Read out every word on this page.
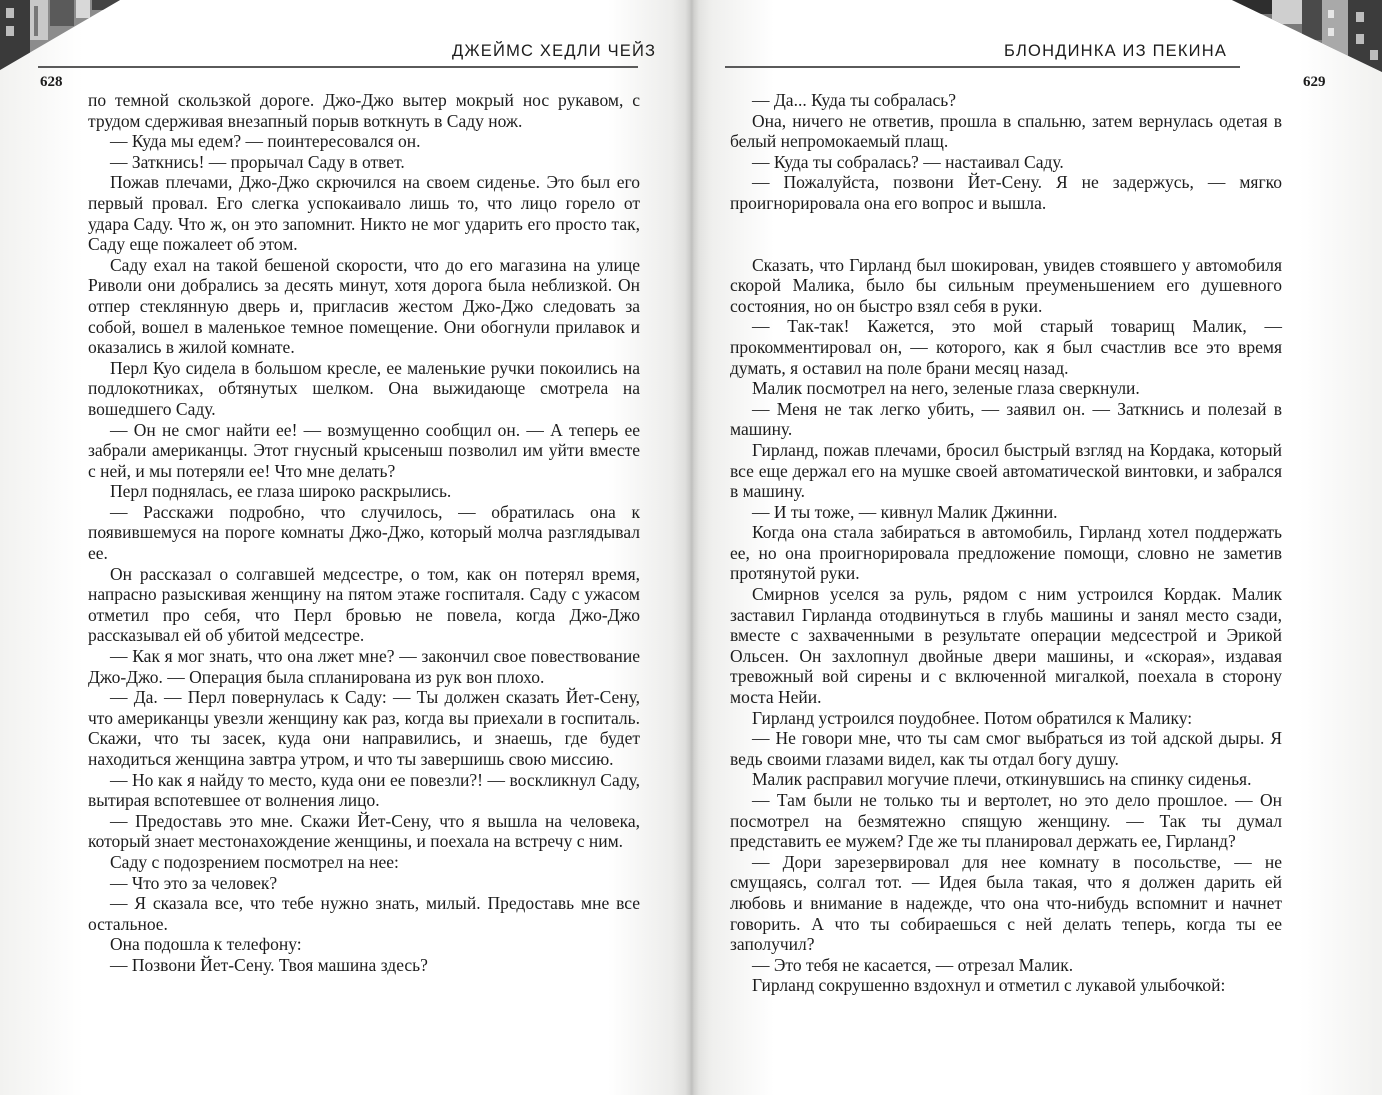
ДЖЕЙМС ХЕДЛИ ЧЕЙЗ	БЛОНДИНКА ИЗ ПЕКИНА
628	629

по темной скользкой дороге. Джо-Джо вытер мокрый нос рукавом, с трудом сдерживая внезапный порыв воткнуть в Саду нож.

— Куда мы едем? — поинтересовался он.

— Заткнись! — прорычал Саду в ответ.

Пожав плечами, Джо-Джо скрючился на своем сиденье. Это был его первый провал. Его слегка успокаивало лишь то, что лицо горело от удара Саду. Что ж, он это запомнит. Никто не мог ударить его просто так, Саду еще пожалеет об этом.

Саду ехал на такой бешеной скорости, что до его магазина на улице Риволи они добрались за десять минут, хотя дорога была неблизкой. Он отпер стеклянную дверь и, пригласив жестом Джо-Джо следовать за собой, вошел в маленькое темное помещение. Они обогнули прилавок и оказались в жилой комнате.

Перл Куо сидела в большом кресле, ее маленькие ручки покоились на подлокотниках, обтянутых шелком. Она выжидающе смотрела на вошедшего Саду.

— Он не смог найти ее! — возмущенно сообщил он. — А теперь ее забрали американцы. Этот гнусный крысеныш позволил им уйти вместе с ней, и мы потеряли ее! Что мне делать?

Перл поднялась, ее глаза широко раскрылись.

— Расскажи подробно, что случилось, — обратилась она к появившемуся на пороге комнаты Джо-Джо, который молча разглядывал ее.

Он рассказал о солгавшей медсестре, о том, как он потерял время, напрасно разыскивая женщину на пятом этаже госпиталя. Саду с ужасом отметил про себя, что Перл бровью не повела, когда Джо-Джо рассказывал ей об убитой медсестре.

— Как я мог знать, что она лжет мне? — закончил свое повествование Джо-Джо. — Операция была спланирована из рук вон плохо.

— Да. — Перл повернулась к Саду: — Ты должен сказать Йет-Сену, что американцы увезли женщину как раз, когда вы приехали в госпиталь. Скажи, что ты засек, куда они направились, и знаешь, где будет находиться женщина завтра утром, и что ты завершишь свою миссию.

— Но как я найду то место, куда они ее повезли?! — воскликнул Саду, вытирая вспотевшее от волнения лицо.

— Предоставь это мне. Скажи Йет-Сену, что я вышла на человека, который знает местонахождение женщины, и поехала на встречу с ним.

Саду с подозрением посмотрел на нее:

— Что это за человек?

— Я сказала все, что тебе нужно знать, милый. Предоставь мне все остальное.

Она подошла к телефону:

— Позвони Йет-Сену. Твоя машина здесь?

— Да... Куда ты собралась?

Она, ничего не ответив, прошла в спальню, затем вернулась одетая в белый непромокаемый плащ.

— Куда ты собралась? — настаивал Саду.

— Пожалуйста, позвони Йет-Сену. Я не задержусь, — мягко проигнорировала она его вопрос и вышла.

Сказать, что Гирланд был шокирован, увидев стоявшего у автомобиля скорой Малика, было бы сильным преуменьшением его душевного состояния, но он быстро взял себя в руки.

— Так-так! Кажется, это мой старый товарищ Малик, — прокомментировал он, — которого, как я был счастлив все это время думать, я оставил на поле брани месяц назад.

Малик посмотрел на него, зеленые глаза сверкнули.

— Меня не так легко убить, — заявил он. — Заткнись и полезай в машину.

Гирланд, пожав плечами, бросил быстрый взгляд на Кордака, который все еще держал его на мушке своей автоматической винтовки, и забрался в машину.

— И ты тоже, — кивнул Малик Джинни.

Когда она стала забираться в автомобиль, Гирланд хотел поддержать ее, но она проигнорировала предложение помощи, словно не заметив протянутой руки.

Смирнов уселся за руль, рядом с ним устроился Кордак. Малик заставил Гирланда отодвинуться в глубь машины и занял место сзади, вместе с захваченными в результате операции медсестрой и Эрикой Ольсен. Он захлопнул двойные двери машины, и «скорая», издавая тревожный вой сирены и с включенной мигалкой, поехала в сторону моста Нейи.

Гирланд устроился поудобнее. Потом обратился к Малику:

— Не говори мне, что ты сам смог выбраться из той адской дыры. Я ведь своими глазами видел, как ты отдал богу душу.

Малик расправил могучие плечи, откинувшись на спинку сиденья.

— Там были не только ты и вертолет, но это дело прошлое. — Он посмотрел на безмятежно спящую женщину. — Так ты думал представить ее мужем? Где же ты планировал держать ее, Гирланд?

— Дори зарезервировал для нее комнату в посольстве, — не смущаясь, солгал тот. — Идея была такая, что я должен дарить ей любовь и внимание в надежде, что она что-нибудь вспомнит и начнет говорить. А что ты собираешься с ней делать теперь, когда ты ее заполучил?

— Это тебя не касается, — отрезал Малик.

Гирланд сокрушенно вздохнул и отметил с лукавой улыбочкой:
